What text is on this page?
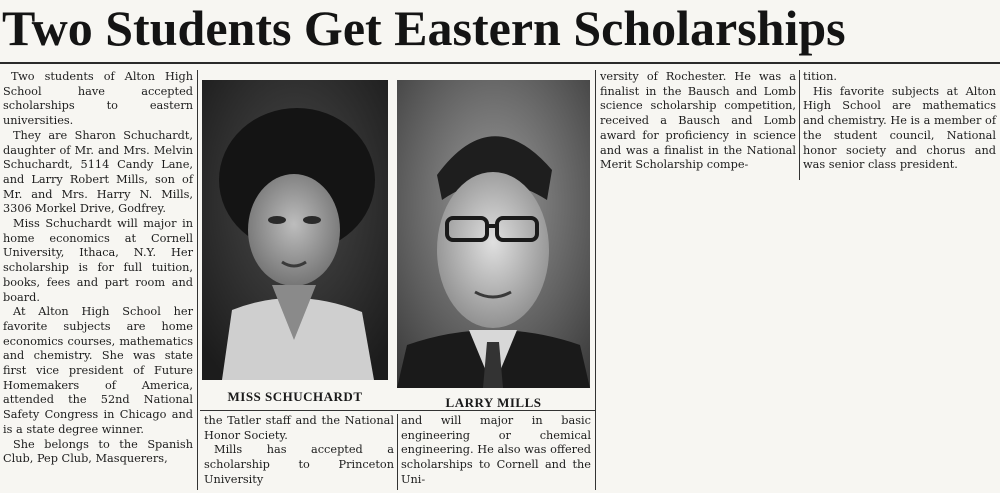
Two Students Get Eastern Scholarships

Two students of Alton High School have accepted scholarships to eastern universities.

They are Sharon Schuchardt, daughter of Mr. and Mrs. Melvin Schuchardt, 5114 Candy Lane, and Larry Robert Mills, son of Mr. and Mrs. Harry N. Mills, 3306 Morkel Drive, Godfrey.

Miss Schuchardt will major in home economics at Cornell University, Ithaca, N.Y. Her scholarship is for full tuition, books, fees and part room and board.

At Alton High School her favorite subjects are home economics courses, mathematics and chemistry. She was state first vice president of Future Homemakers of America, attended the 52nd National Safety Congress in Chicago and is a state degree winner.

She belongs to the Spanish Club, Pep Club, Masquerers,

MISS SCHUCHARDT	LARRY MILLS

the Tatler staff and the National Honor Society.

Mills has accepted a scholarship to Princeton University

and will major in basic engineering or chemical engineering. He also was offered scholarships to Cornell and the Uni-

versity of Rochester. He was a finalist in the Bausch and Lomb science scholarship competition, received a Bausch and Lomb award for proficiency in science and was a finalist in the National Merit Scholarship compe-

tition.

His favorite subjects at Alton High School are mathematics and chemistry. He is a member of the student council, National honor society and chorus and was senior class president.
